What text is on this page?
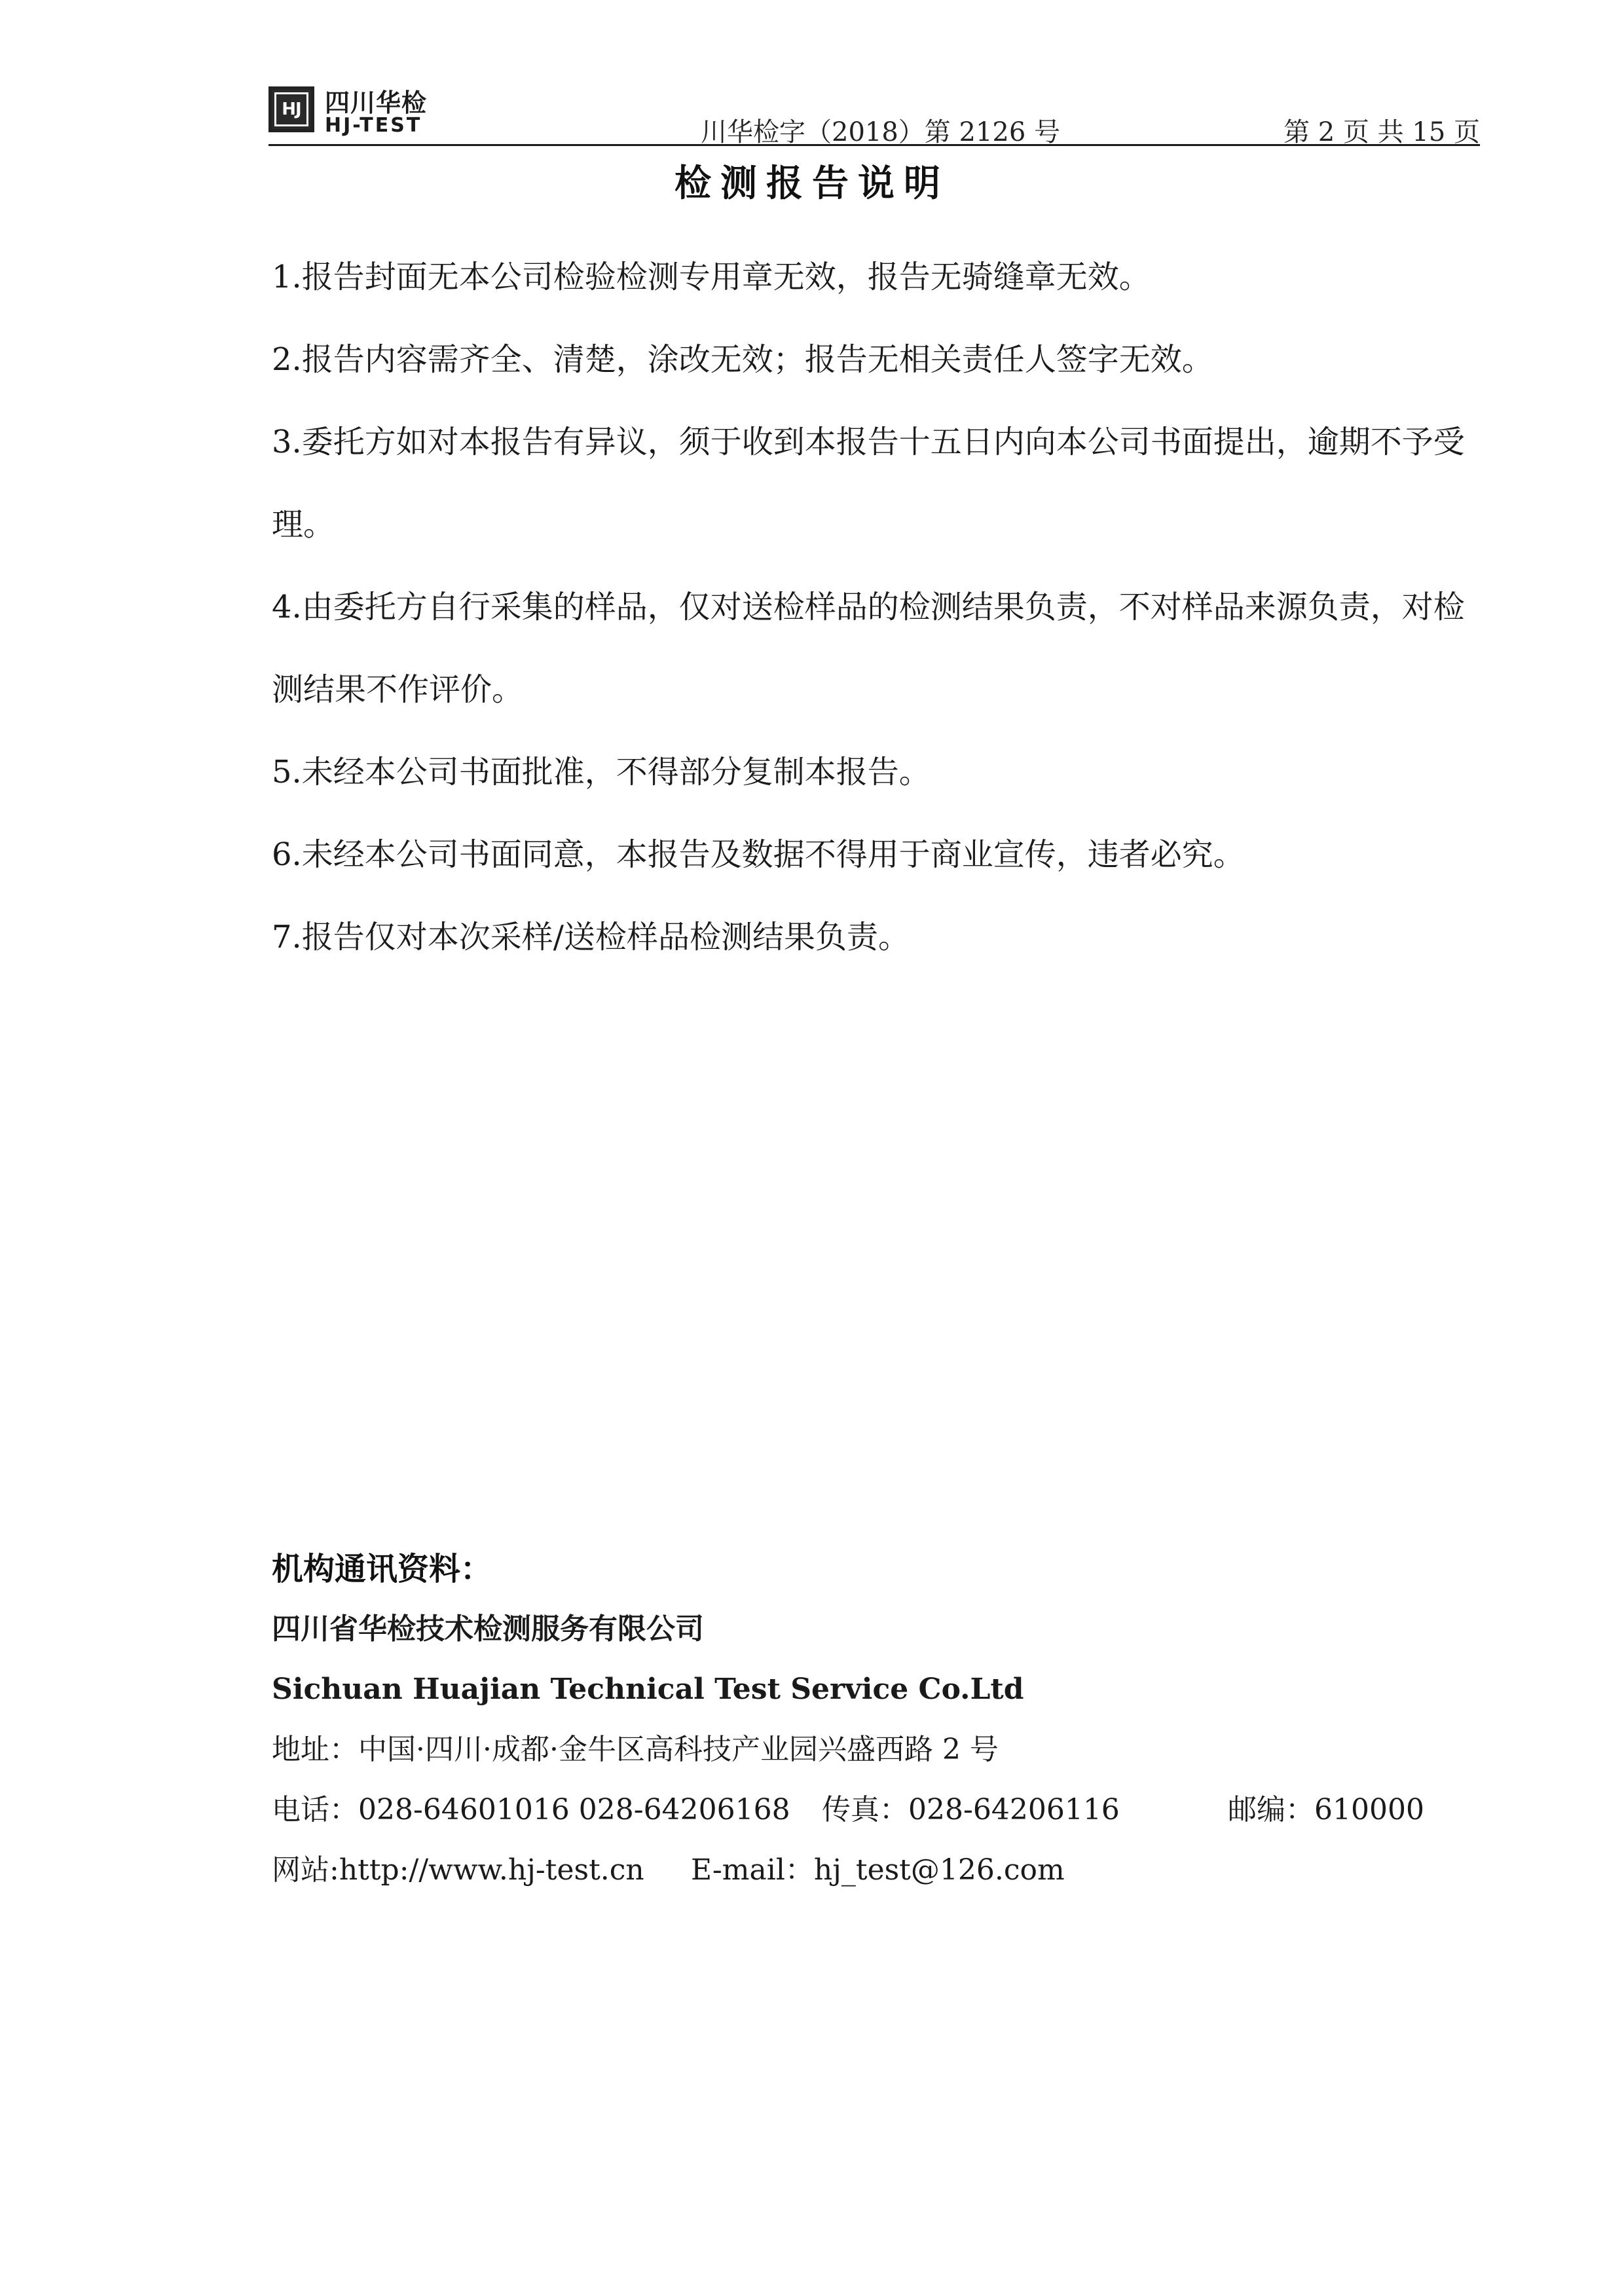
HJ 四川华检
HJ-TEST	川华检字（2018）第 2126 号	第 2 页 共 15 页
检测报告说明

1.报告封面无本公司检验检测专用章无效，报告无骑缝章无效。

2.报告内容需齐全、清楚，涂改无效；报告无相关责任人签字无效。

3.委托方如对本报告有异议，须于收到本报告十五日内向本公司书面提出，逾期不予受理。

4.由委托方自行采集的样品，仅对送检样品的检测结果负责，不对样品来源负责，对检测结果不作评价。

5.未经本公司书面批准，不得部分复制本报告。

6.未经本公司书面同意，本报告及数据不得用于商业宣传，违者必究。

7.报告仅对本次采样/送检样品检测结果负责。

机构通讯资料：
四川省华检技术检测服务有限公司
Sichuan Huajian Technical Test Service Co.Ltd
地址：中国·四川·成都·金牛区高科技产业园兴盛西路 2 号
电话：028-64601016 028-64206168 传真：028-64206116	邮编：610000
网站:http://www.hj-test.cn E-mail：hj_test@126.com
